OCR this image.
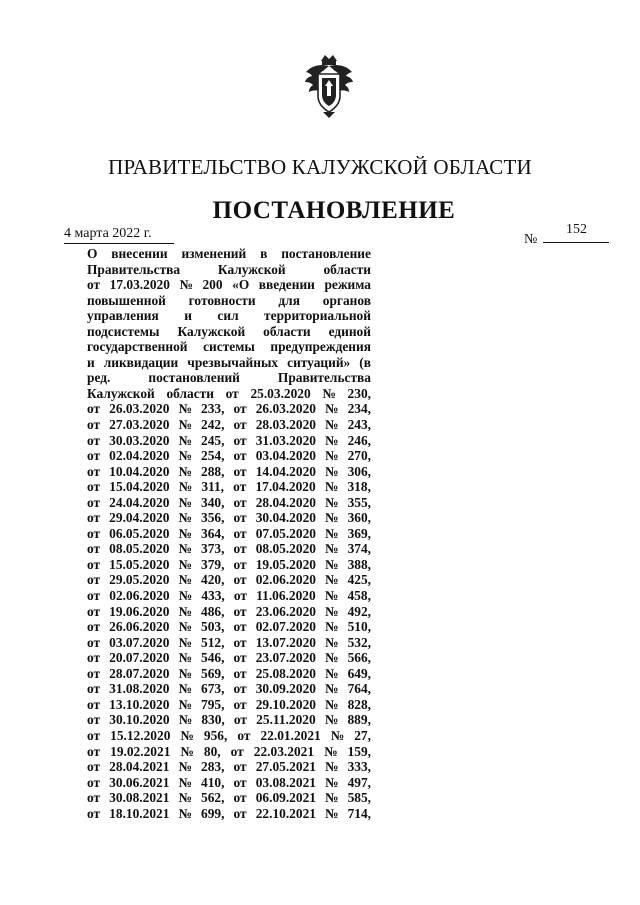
ПРАВИТЕЛЬСТВО КАЛУЖСКОЙ ОБЛАСТИ
ПОСТАНОВЛЕНИЕ
4 марта 2022 г.	№
152
О внесении изменений в постановление
Правительства	Калужской	области
от 17.03.2020 № 200 «О введении режима
повышенной готовности для органов
управления и сил территориальной
подсистемы Калужской области единой
государственной системы предупреждения
и ликвидации чрезвычайных ситуаций» (в
ред.	постановлений	Правительства
Калужской области от 25.03.2020 № 230,
от 26.03.2020 № 233, от 26.03.2020 № 234,
от 27.03.2020 № 242, от 28.03.2020 № 243,
от 30.03.2020 № 245, от 31.03.2020 № 246,
от 02.04.2020 № 254, от 03.04.2020 № 270,
от 10.04.2020 № 288, от 14.04.2020 № 306,
от 15.04.2020 № 311, от 17.04.2020 № 318,
от 24.04.2020 № 340, от 28.04.2020 № 355,
от 29.04.2020 № 356, от 30.04.2020 № 360,
от 06.05.2020 № 364, от 07.05.2020 № 369,
от 08.05.2020 № 373, от 08.05.2020 № 374,
от 15.05.2020 № 379, от 19.05.2020 № 388,
от 29.05.2020 № 420, от 02.06.2020 № 425,
от 02.06.2020 № 433, от 11.06.2020 № 458,
от 19.06.2020 № 486, от 23.06.2020 № 492,
от 26.06.2020 № 503, от 02.07.2020 № 510,
от 03.07.2020 № 512, от 13.07.2020 № 532,
от 20.07.2020 № 546, от 23.07.2020 № 566,
от 28.07.2020 № 569, от 25.08.2020 № 649,
от 31.08.2020 № 673, от 30.09.2020 № 764,
от 13.10.2020 № 795, от 29.10.2020 № 828,
от 30.10.2020 № 830, от 25.11.2020 № 889,
от 15.12.2020 № 956, от 22.01.2021 № 27,
от 19.02.2021 № 80, от 22.03.2021 № 159,
от 28.04.2021 № 283, от 27.05.2021 № 333,
от 30.06.2021 № 410, от 03.08.2021 № 497,
от 30.08.2021 № 562, от 06.09.2021 № 585,
от 18.10.2021 № 699, от 22.10.2021 № 714,
